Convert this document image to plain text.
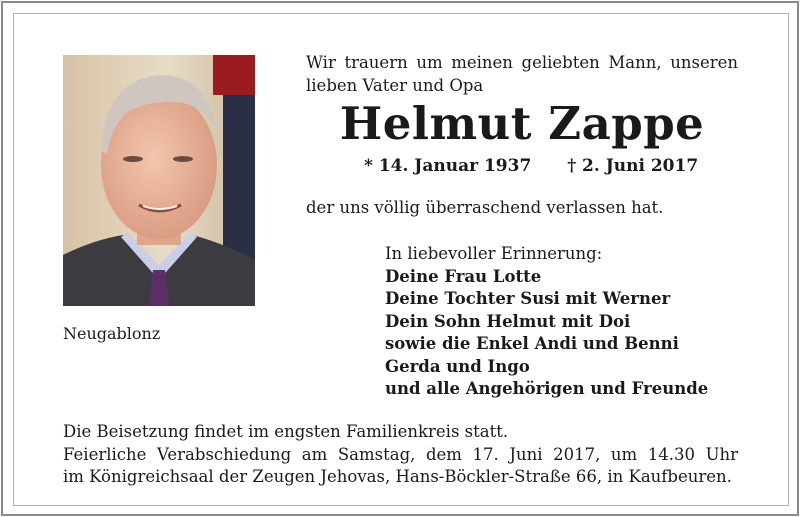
Neugablonz
Wir trauern um meinen geliebten Mann, unseren lieben Vater und Opa
Helmut Zappe
* 14. Januar 1937 † 2. Juni 2017
der uns völlig überraschend verlassen hat.
In liebevoller Erinnerung:
Deine Frau Lotte
Deine Tochter Susi mit Werner
Dein Sohn Helmut mit Doi
sowie die Enkel Andi und Benni
Gerda und Ingo
und alle Angehörigen und Freunde
Die Beisetzung findet im engsten Familienkreis statt.
Feierliche Verabschiedung am Samstag, dem 17. Juni 2017, um 14.30 Uhr
im Königreichsaal der Zeugen Jehovas, Hans-Böckler-Straße 66, in Kaufbeuren.
